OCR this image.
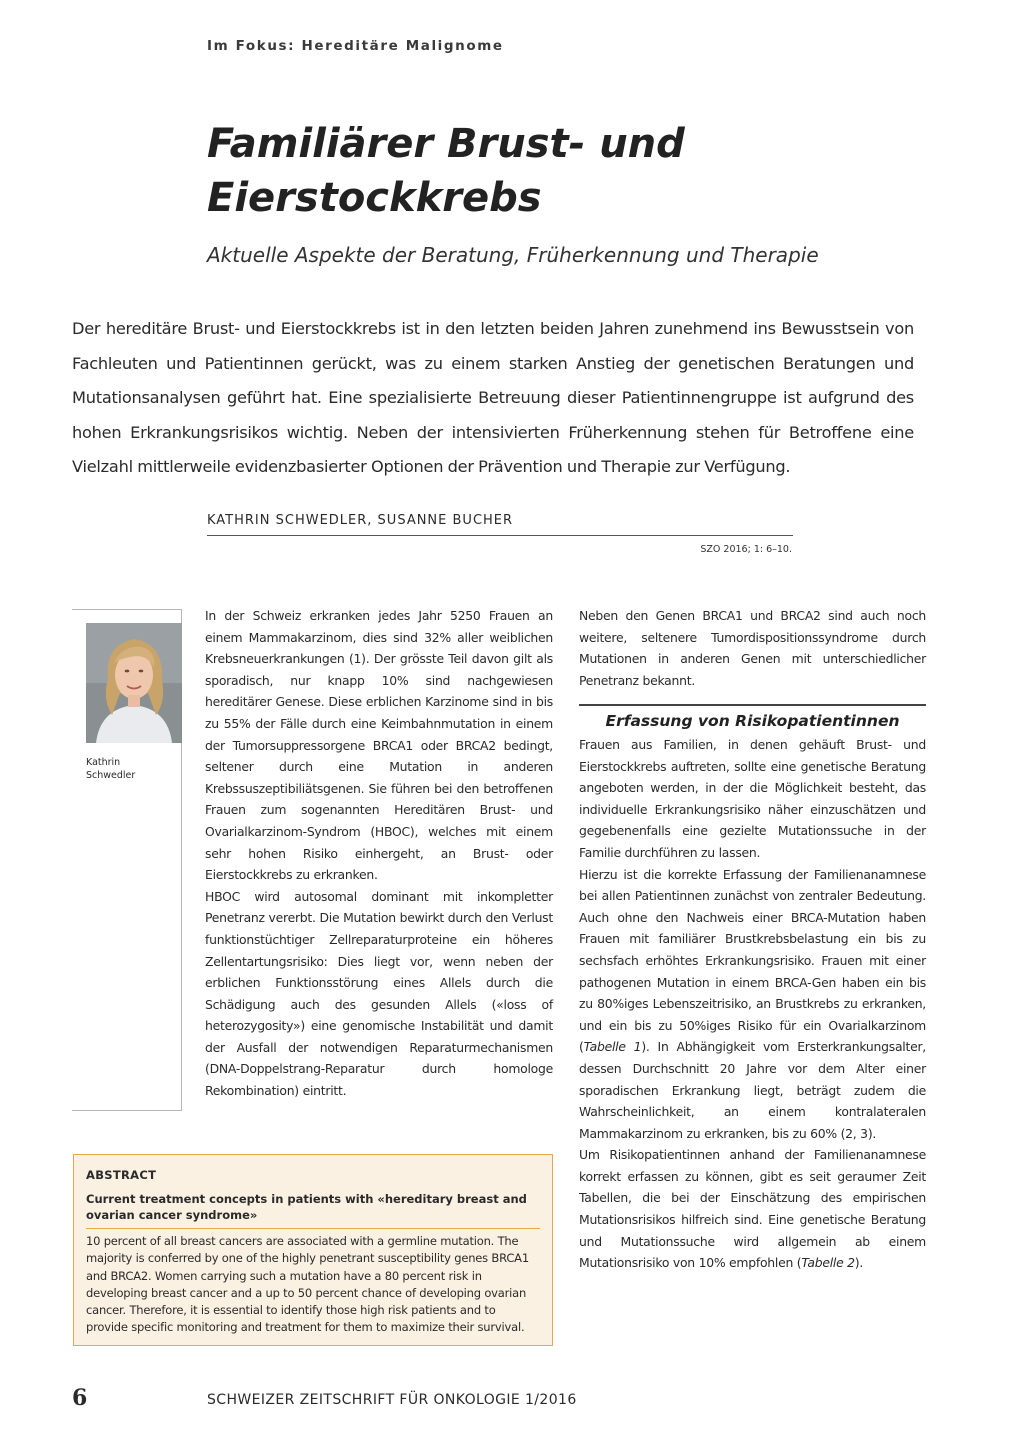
Im Fokus: Hereditäre Malignome
Familiärer Brust- und Eierstockkrebs
Aktuelle Aspekte der Beratung, Früherkennung und Therapie

Der hereditäre Brust- und Eierstockkrebs ist in den letzten beiden Jahren zunehmend ins Bewusstsein von Fachleuten und Patientinnen gerückt, was zu einem starken Anstieg der genetischen Beratungen und Mutationsanalysen geführt hat. Eine spezialisierte Betreuung dieser Patientinnengruppe ist aufgrund des hohen Erkrankungsrisikos wichtig. Neben der intensivierten Früherkennung stehen für Betroffene eine Vielzahl mittlerweile evidenzbasierter Optionen der Prävention und Therapie zur Verfügung.

KATHRIN SCHWEDLER, SUSANNE BUCHER
SZO 2016; 1: 6–10.
Kathrin
Schwedler

In der Schweiz erkranken jedes Jahr 5250 Frauen an einem Mammakarzinom, dies sind 32% aller weiblichen Krebsneuerkrankungen (1). Der grösste Teil davon gilt als sporadisch, nur knapp 10% sind nachgewiesen hereditärer Genese. Diese erblichen Karzinome sind in bis zu 55% der Fälle durch eine Keimbahnmutation in einem der Tumorsuppressorgene BRCA1 oder BRCA2 bedingt, seltener durch eine Mutation in anderen Krebssuszeptibiliätsgenen. Sie führen bei den betroffenen Frauen zum sogenannten Hereditären Brust- und Ovarialkarzinom-Syndrom (HBOC), welches mit einem sehr hohen Risiko einhergeht, an Brust- oder Eierstockkrebs zu erkranken.

HBOC wird autosomal dominant mit inkompletter Penetranz vererbt. Die Mutation bewirkt durch den Verlust funktionstüchtiger Zellreparaturproteine ein höheres Zellentartungsrisiko: Dies liegt vor, wenn neben der erblichen Funktionsstörung eines Allels durch die Schädigung auch des gesunden Allels («loss of heterozygosity») eine genomische Instabilität und damit der Ausfall der notwendigen Reparaturmechanismen (DNA-Doppelstrang-Reparatur durch homologe Rekombination) eintritt.

Neben den Genen BRCA1 und BRCA2 sind auch noch weitere, seltenere Tumordispositionssyndrome durch Mutationen in anderen Genen mit unterschiedlicher Penetranz bekannt.

Erfassung von Risikopatientinnen

Frauen aus Familien, in denen gehäuft Brust- und Eierstockkrebs auftreten, sollte eine genetische Beratung angeboten werden, in der die Möglichkeit besteht, das individuelle Erkrankungsrisiko näher einzuschätzen und gegebenenfalls eine gezielte Mutationssuche in der Familie durchführen zu lassen.

Hierzu ist die korrekte Erfassung der Familienanamnese bei allen Patientinnen zunächst von zentraler Bedeutung. Auch ohne den Nachweis einer BRCA-Mutation haben Frauen mit familiärer Brustkrebsbelastung ein bis zu sechsfach erhöhtes Erkrankungsrisiko. Frauen mit einer pathogenen Mutation in einem BRCA-Gen haben ein bis zu 80%iges Lebenszeitrisiko, an Brustkrebs zu erkranken, und ein bis zu 50%iges Risiko für ein Ovarialkarzinom (Tabelle 1). In Abhängigkeit vom Ersterkrankungsalter, dessen Durchschnitt 20 Jahre vor dem Alter einer sporadischen Erkrankung liegt, beträgt zudem die Wahrscheinlichkeit, an einem kontralateralen Mammakarzinom zu erkranken, bis zu 60% (2, 3).

Um Risikopatientinnen anhand der Familienanamnese korrekt erfassen zu können, gibt es seit geraumer Zeit Tabellen, die bei der Einschätzung des empirischen Mutationsrisikos hilfreich sind. Eine genetische Beratung und Mutationssuche wird allgemein ab einem Mutationsrisiko von 10% empfohlen (Tabelle 2).

ABSTRACT
Current treatment concepts in patients with «hereditary breast and ovarian cancer syndrome»
10 percent of all breast cancers are associated with a germline mutation. The majority is conferred by one of the highly penetrant susceptibility genes BRCA1 and BRCA2. Women carrying such a mutation have a 80 percent risk in developing breast cancer and a up to 50 percent chance of developing ovarian cancer. Therefore, it is essential to identify those high risk patients and to provide specific monitoring and treatment for them to maximize their survival.
6	SCHWEIZER ZEITSCHRIFT FÜR ONKOLOGIE 1/2016
